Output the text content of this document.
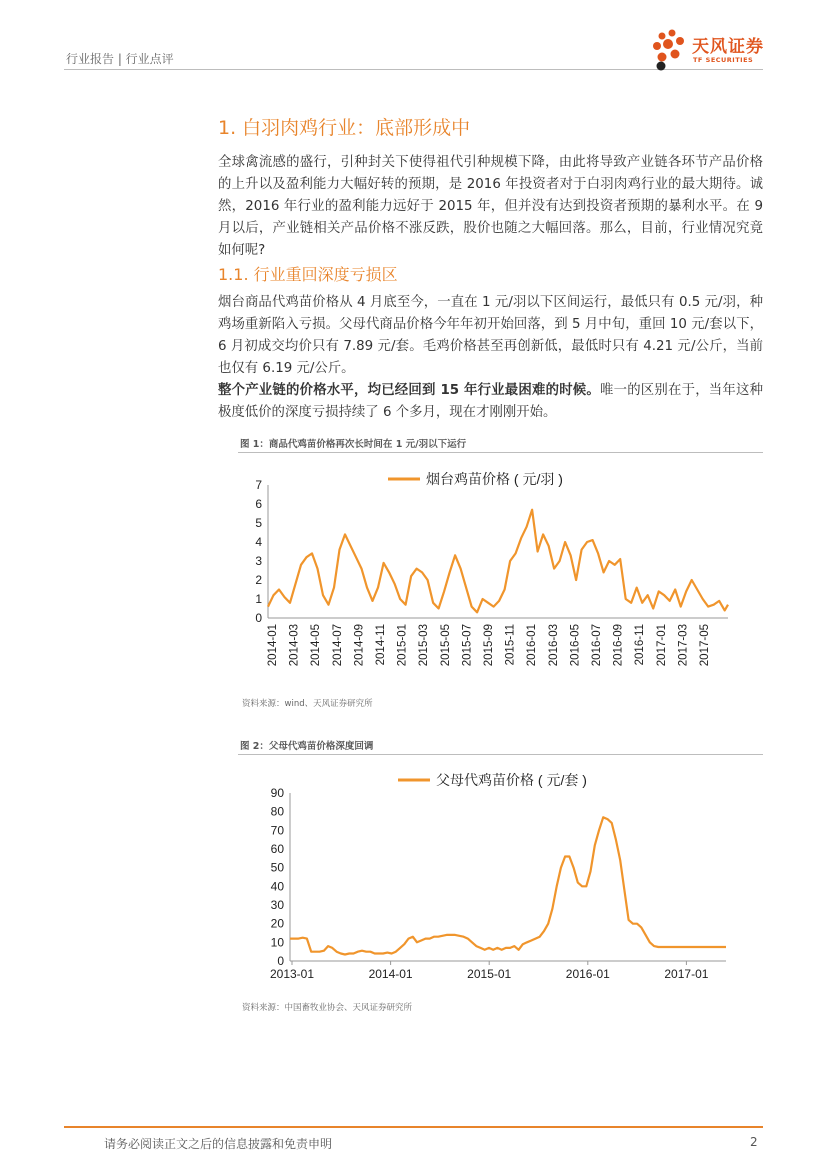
行业报告 | 行业点评
天风证券
TF SECURITIES
1. 白羽肉鸡行业：底部形成中
全球禽流感的盛行，引种封关下使得祖代引种规模下降，由此将导致产业链各环节产品价格的上升以及盈利能力大幅好转的预期，是 2016 年投资者对于白羽肉鸡行业的最大期待。诚然，2016 年行业的盈利能力远好于 2015 年，但并没有达到投资者预期的暴利水平。在 9 月以后，产业链相关产品价格不涨反跌，股价也随之大幅回落。那么，目前，行业情况究竟如何呢?
1.1. 行业重回深度亏损区
烟台商品代鸡苗价格从 4 月底至今，一直在 1 元/羽以下区间运行，最低只有 0.5 元/羽，种鸡场重新陷入亏损。父母代商品价格今年年初开始回落，到 5 月中旬，重回 10 元/套以下，6 月初成交均价只有 7.89 元/套。毛鸡价格甚至再创新低，最低时只有 4.21 元/公斤，当前也仅有 6.19 元/公斤。
整个产业链的价格水平，均已经回到 15 年行业最困难的时候。唯一的区别在于，当年这种极度低价的深度亏损持续了 6 个多月，现在才刚刚开始。
图 1：商品代鸡苗价格再次长时间在 1 元/羽以下运行
烟台鸡苗价格 ( 元/羽 )
0
1
2
3
4
5
6
7
2014-01 2014-03 2014-05 2014-07 2014-09 2014-11 2015-01 2015-03 2015-05 2015-07 2015-09 2015-11 2016-01 2016-03 2016-05 2016-07 2016-09 2016-11 2017-01 2017-03 2017-05
资料来源：wind、天风证券研究所
图 2：父母代鸡苗价格深度回调
父母代鸡苗价格 ( 元/套 )
0
10
20
30
40
50
60
70
80
90
2013-01	2014-01	2015-01	2016-01	2017-01
资料来源：中国畜牧业协会、天风证券研究所
请务必阅读正文之后的信息披露和免责申明	2
